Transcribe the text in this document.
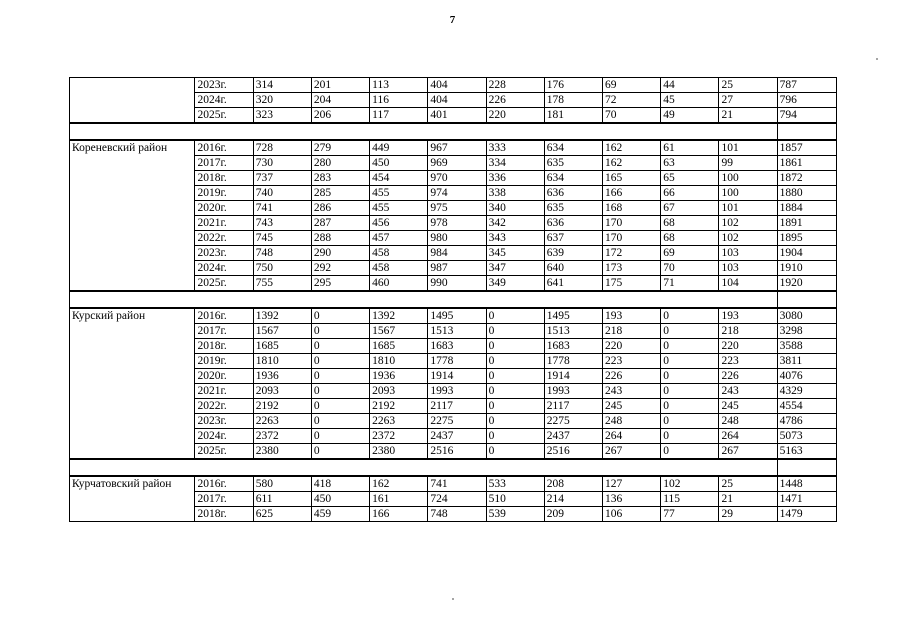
7
	2023г.	314	201	113	404	228	176	69	44	25	787
	2024г.	320	204	116	404	226	178	72	45	27	796
	2025г.	323	206	117	401	220	181	70	49	21	794

Кореневский район	2016г.	728	279	449	967	333	634	162	61	101	1857
	2017г.	730	280	450	969	334	635	162	63	99	1861
	2018г.	737	283	454	970	336	634	165	65	100	1872
	2019г.	740	285	455	974	338	636	166	66	100	1880
	2020г.	741	286	455	975	340	635	168	67	101	1884
	2021г.	743	287	456	978	342	636	170	68	102	1891
	2022г.	745	288	457	980	343	637	170	68	102	1895
	2023г.	748	290	458	984	345	639	172	69	103	1904
	2024г.	750	292	458	987	347	640	173	70	103	1910
	2025г.	755	295	460	990	349	641	175	71	104	1920

Курский район	2016г.	1392	0	1392	1495	0	1495	193	0	193	3080
	2017г.	1567	0	1567	1513	0	1513	218	0	218	3298
	2018г.	1685	0	1685	1683	0	1683	220	0	220	3588
	2019г.	1810	0	1810	1778	0	1778	223	0	223	3811
	2020г.	1936	0	1936	1914	0	1914	226	0	226	4076
	2021г.	2093	0	2093	1993	0	1993	243	0	243	4329
	2022г.	2192	0	2192	2117	0	2117	245	0	245	4554
	2023г.	2263	0	2263	2275	0	2275	248	0	248	4786
	2024г.	2372	0	2372	2437	0	2437	264	0	264	5073
	2025г.	2380	0	2380	2516	0	2516	267	0	267	5163

Курчатовский район	2016г.	580	418	162	741	533	208	127	102	25	1448
	2017г.	611	450	161	724	510	214	136	115	21	1471
	2018г.	625	459	166	748	539	209	106	77	29	1479
